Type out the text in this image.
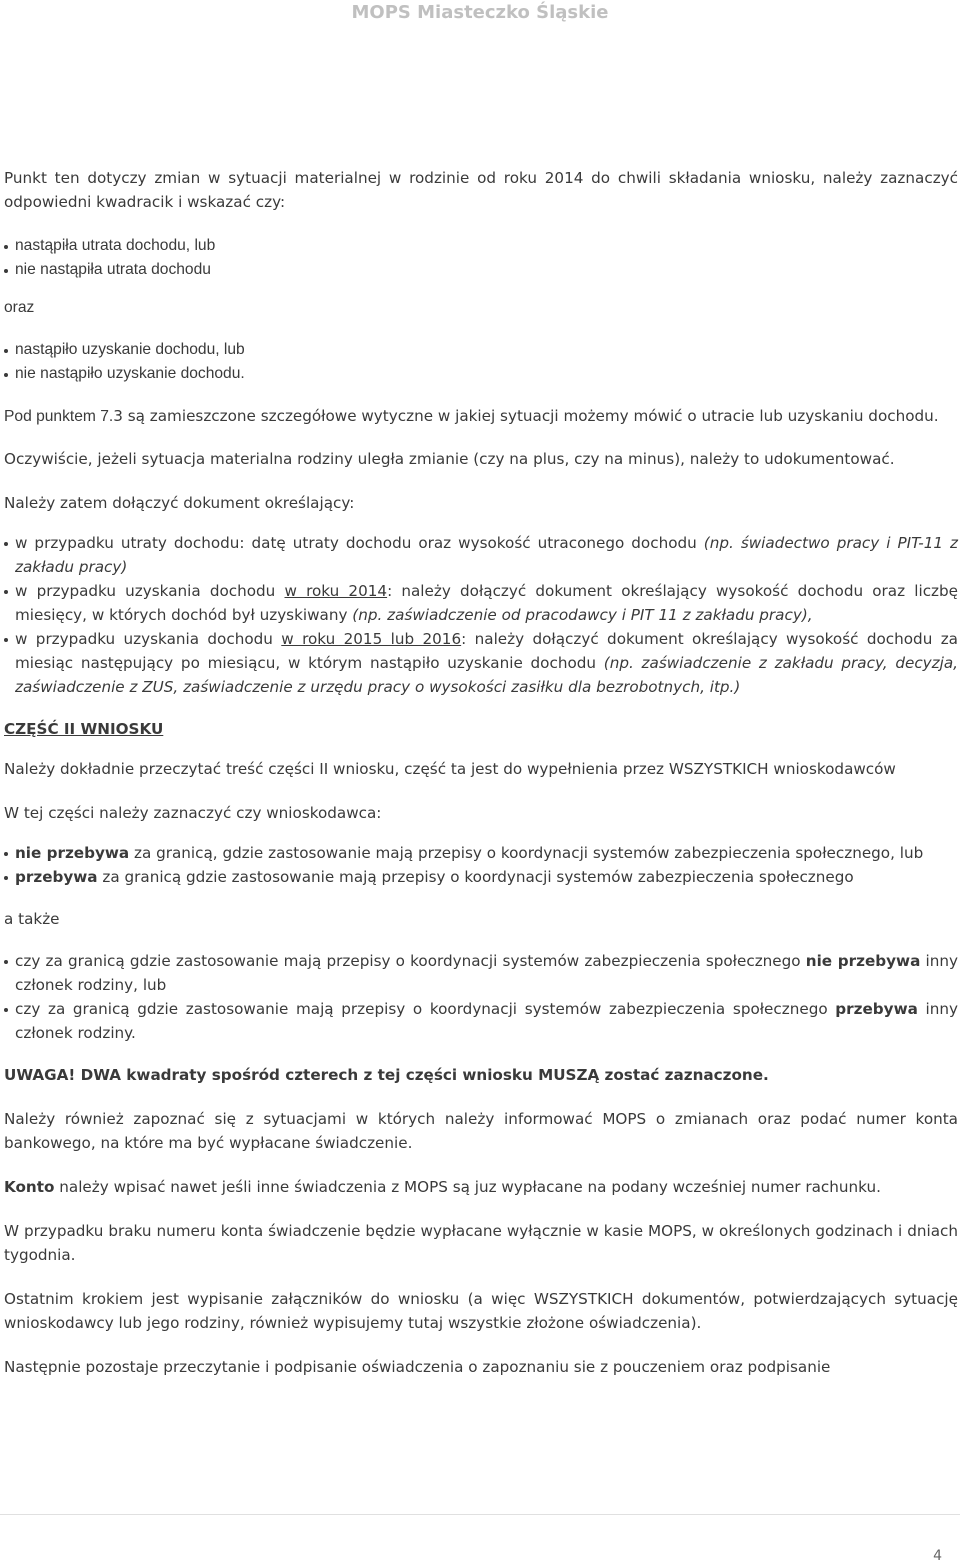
MOPS Miasteczko Śląskie

Punkt ten dotyczy zmian w sytuacji materialnej w rodzinie od roku 2014 do chwili składania wniosku, należy zaznaczyć odpowiedni kwadracik i wskazać czy:

nastąpiła utrata dochodu, lub
nie nastąpiła utrata dochodu

oraz

nastąpiło uzyskanie dochodu, lub
nie nastąpiło uzyskanie dochodu.

Pod punktem 7.3 są zamieszczone szczegółowe wytyczne w jakiej sytuacji możemy mówić o utracie lub uzyskaniu dochodu.

Oczywiście, jeżeli sytuacja materialna rodziny uległa zmianie (czy na plus, czy na minus), należy to udokumentować.

Należy zatem dołączyć dokument określający:

w przypadku utraty dochodu: datę utraty dochodu oraz wysokość utraconego dochodu (np. świadectwo pracy i PIT-11 z zakładu pracy)
w przypadku uzyskania dochodu w roku 2014: należy dołączyć dokument określający wysokość dochodu oraz liczbę miesięcy, w których dochód był uzyskiwany (np. zaświadczenie od pracodawcy i PIT 11 z zakładu pracy),
w przypadku uzyskania dochodu w roku 2015 lub 2016: należy dołączyć dokument określający wysokość dochodu za miesiąc następujący po miesiącu, w którym nastąpiło uzyskanie dochodu (np. zaświadczenie z zakładu pracy, decyzja, zaświadczenie z ZUS, zaświadczenie z urzędu pracy o wysokości zasiłku dla bezrobotnych, itp.)

CZĘŚĆ II WNIOSKU

Należy dokładnie przeczytać treść części II wniosku, część ta jest do wypełnienia przez WSZYSTKICH wnioskodawców

W tej części należy zaznaczyć czy wnioskodawca:

nie przebywa za granicą, gdzie zastosowanie mają przepisy o koordynacji systemów zabezpieczenia społecznego, lub
przebywa za granicą gdzie zastosowanie mają przepisy o koordynacji systemów zabezpieczenia społecznego

a także

czy za granicą gdzie zastosowanie mają przepisy o koordynacji systemów zabezpieczenia społecznego nie przebywa inny członek rodziny, lub
czy za granicą gdzie zastosowanie mają przepisy o koordynacji systemów zabezpieczenia społecznego przebywa inny członek rodziny.

UWAGA! DWA kwadraty spośród czterech z tej części wniosku MUSZĄ zostać zaznaczone.

Należy również zapoznać się z sytuacjami w których należy informować MOPS o zmianach oraz podać numer konta bankowego, na które ma być wypłacane świadczenie.

Konto należy wpisać nawet jeśli inne świadczenia z MOPS są juz wypłacane na podany wcześniej numer rachunku.

W przypadku braku numeru konta świadczenie będzie wypłacane wyłącznie w kasie MOPS, w określonych godzinach i dniach tygodnia.

Ostatnim krokiem jest wypisanie załączników do wniosku (a więc WSZYSTKICH dokumentów, potwierdzających sytuację wnioskodawcy lub jego rodziny, również wypisujemy tutaj wszystkie złożone oświadczenia).

Następnie pozostaje przeczytanie i podpisanie oświadczenia o zapoznaniu sie z pouczeniem oraz podpisanie

4
